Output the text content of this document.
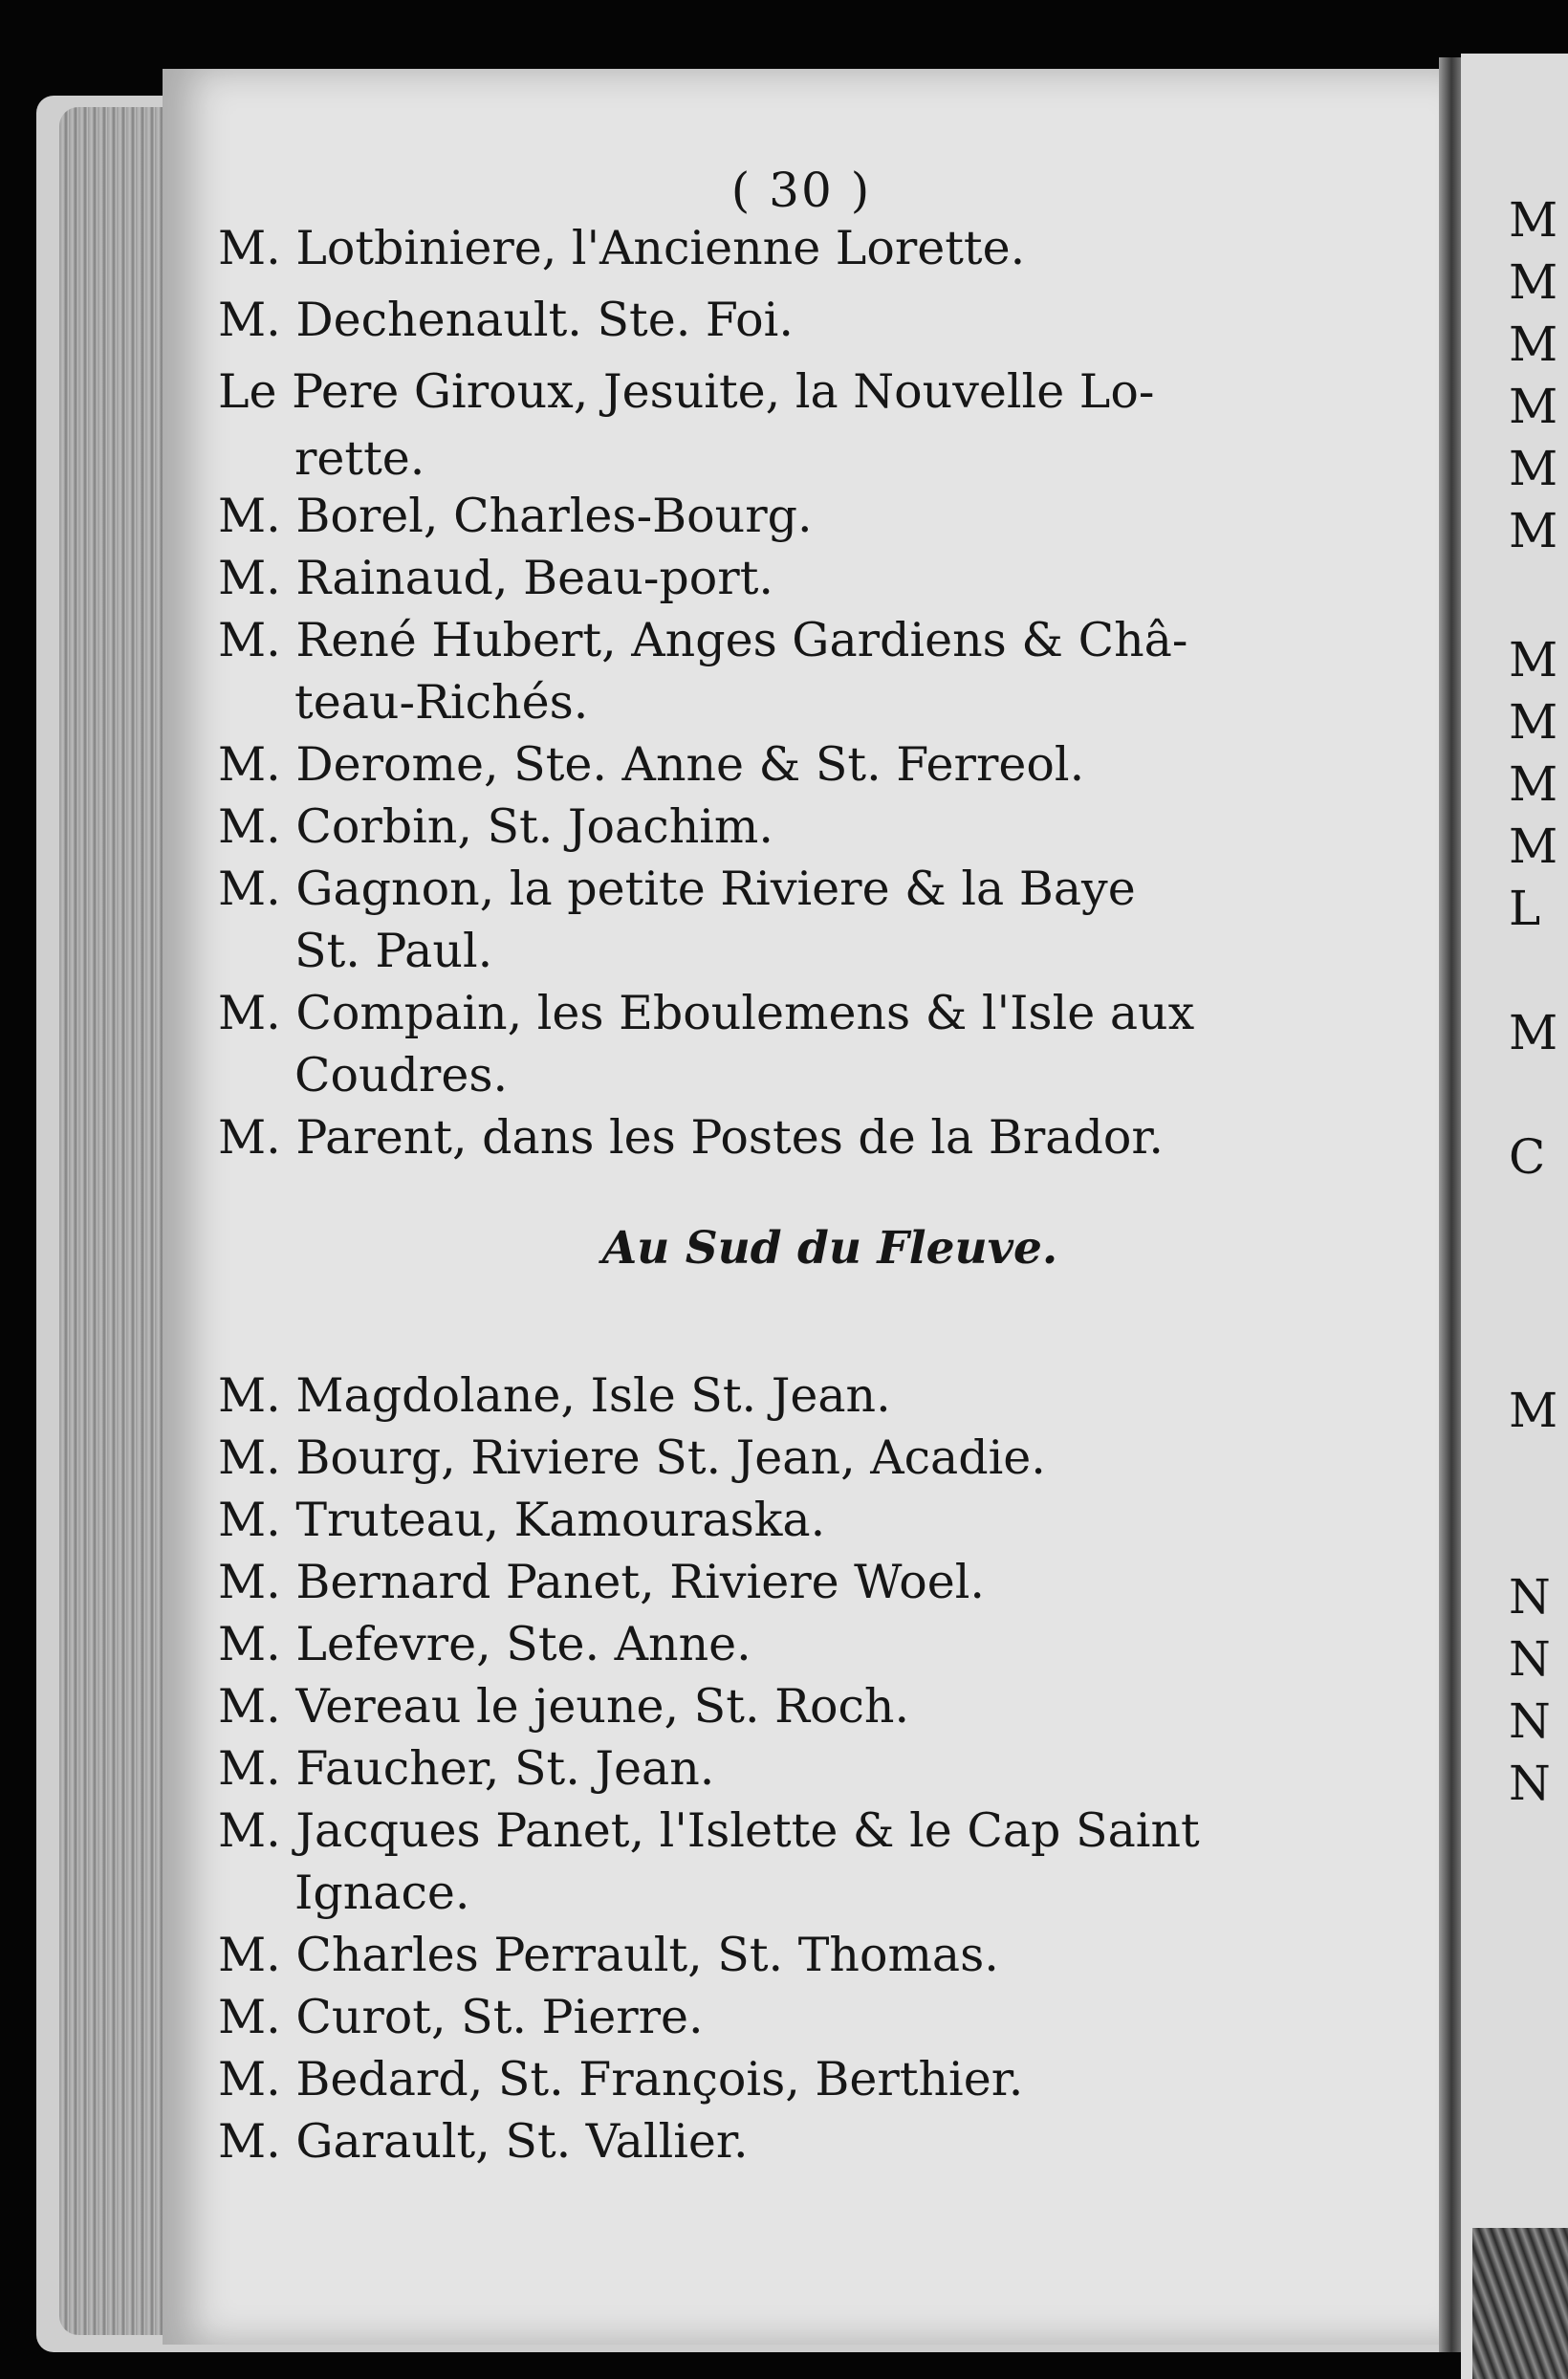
( 30 )
M. Lotbiniere, l'Ancienne Lorette.
M. Dechenault. Ste. Foi.
Le Pere Giroux, Jesuite, la Nouvelle Lo-
rette.
M. Borel, Charles-Bourg.
M. Rainaud, Beau-port.
M. René Hubert, Anges Gardiens & Châ-
teau-Richés.
M. Derome, Ste. Anne & St. Ferreol.
M. Corbin, St. Joachim.
M. Gagnon, la petite Riviere & la Baye
St. Paul.
M. Compain, les Eboulemens & l'Isle aux
Coudres.
M. Parent, dans les Postes de la Brador.
Au Sud du Fleuve.
M. Magdolane, Isle St. Jean.
M. Bourg, Riviere St. Jean, Acadie.
M. Truteau, Kamouraska.
M. Bernard Panet, Riviere Woel.
M. Lefevre, Ste. Anne.
M. Vereau le jeune, St. Roch.
M. Faucher, St. Jean.
M. Jacques Panet, l'Islette & le Cap Saint
Ignace.
M. Charles Perrault, St. Thomas.
M. Curot, St. Pierre.
M. Bedard, St. François, Berthier.
M. Garault, St. Vallier.
M
M
M
M
M
M
M
M
M
M
L
M
C
M
N
N
N
N
